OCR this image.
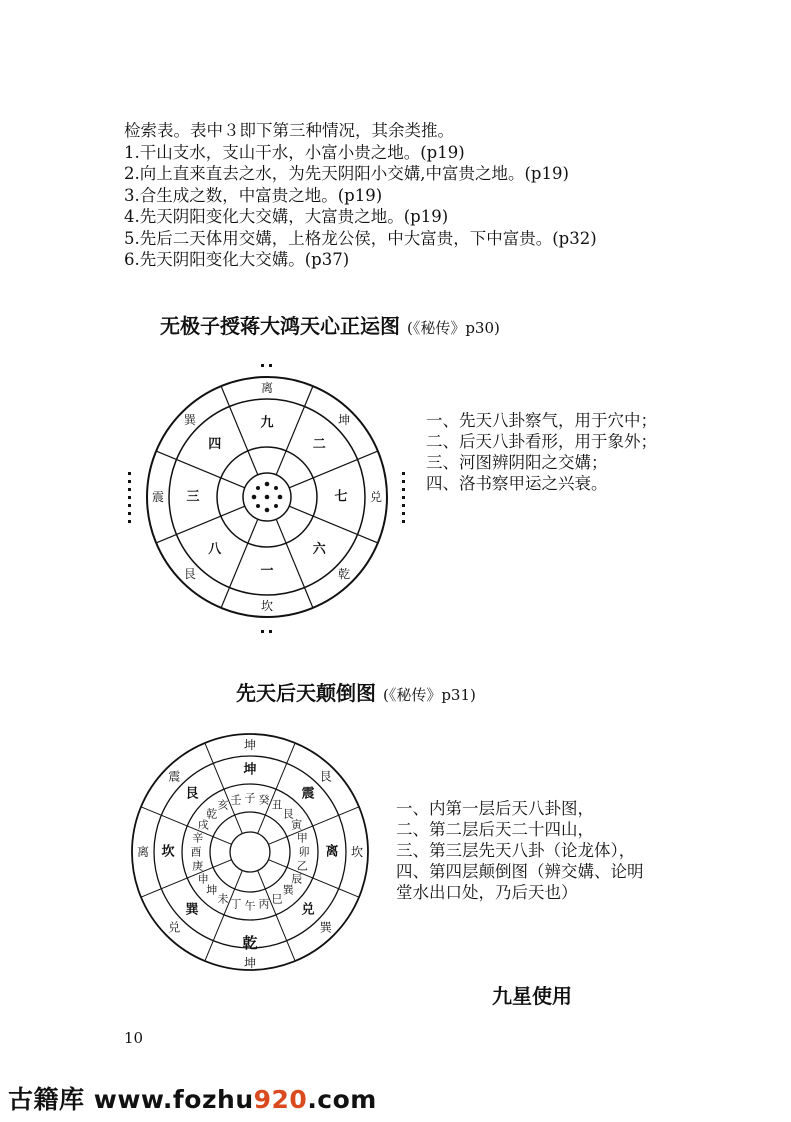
检索表。表中３即下第三种情况，其余类推。
1.干山支水，支山干水，小富小贵之地。(p19)
2.向上直来直去之水，为先天阴阳小交媾,中富贵之地。(p19)
3.合生成之数，中富贵之地。(p19)
4.先天阴阳变化大交媾，大富贵之地。(p19)
5.先后二天体用交媾，上格龙公侯，中大富贵，下中富贵。(p32)
6.先天阴阳变化大交媾。(p37)
无极子授蒋大鸿天心正运图 (《秘传》p30)
坎
艮
震
巽
离
坤
兑
乾
一
八
三
四
九
二
七
六
一、先天八卦察气，用于穴中；
二、后天八卦看形，用于象外；
三、河图辨阴阳之交媾；
四、洛书察甲运之兴衰。
先天后天颠倒图 (《秘传》p31)
壬 子 癸 丑
艮
寅
甲
卯
乙
辰
巽
巳
丙
午
丁
未
坤
申
庚
酉
辛
戌
乾
亥
坤
震
离
兑
巽
坎
艮
坤
艮
坎
巽
兑
离
震
乾
坤
一、内第一层后天八卦图，
二、第二层后天二十四山，
三、第三层先天八卦（论龙体），
四、第四层颠倒图（辨交媾、论明
堂水出口处，乃后天也）
九星使用
10
古籍库 www.fozhu920.com
